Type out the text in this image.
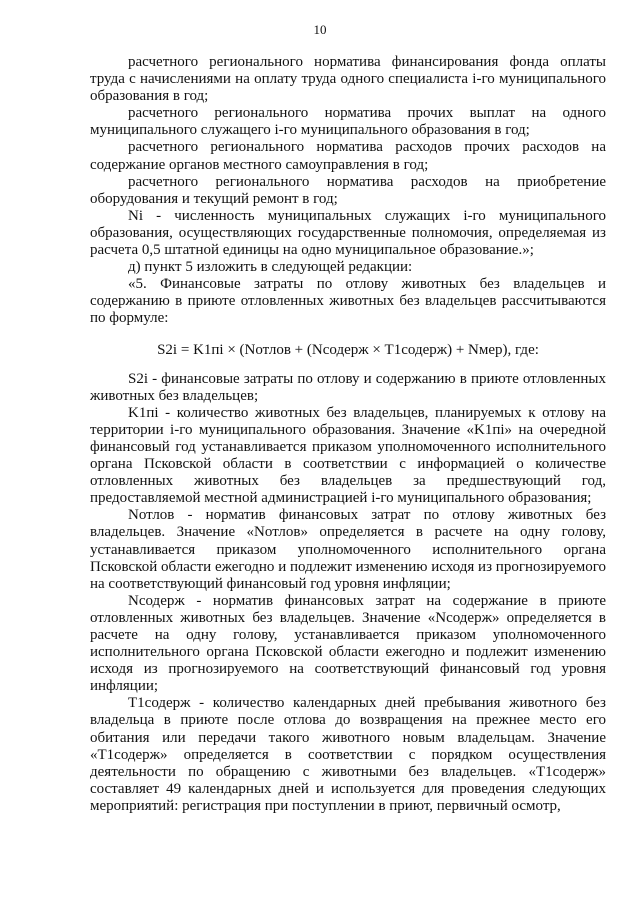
10

расчетного регионального норматива финансирования фонда оплаты труда с начислениями на оплату труда одного специалиста i-го муниципального образования в год;

расчетного регионального норматива прочих выплат на одного муниципального служащего i-го муниципального образования в год;

расчетного регионального норматива расходов прочих расходов на содержание органов местного самоуправления в год;

расчетного регионального норматива расходов на приобретение оборудования и текущий ремонт в год;

Ni - численность муниципальных служащих i-го муниципального образования, осуществляющих государственные полномочия, определяемая из расчета 0,5 штатной единицы на одно муниципальное образование.»;

д) пункт 5 изложить в следующей редакции:

«5. Финансовые затраты по отлову животных без владельцев и содержанию в приюте отловленных животных без владельцев рассчитываются по формуле:

S2i = K1пi × (Nотлов + (Nсодерж × T1содерж) + Nмер), где:

S2i - финансовые затраты по отлову и содержанию в приюте отловленных животных без владельцев;

K1пi - количество животных без владельцев, планируемых к отлову на территории i-го муниципального образования. Значение «K1пi» на очередной финансовый год устанавливается приказом уполномоченного исполнительного органа Псковской области в соответствии с информацией о количестве отловленных животных без владельцев за предшествующий год, предоставляемой местной администрацией i-го муниципального образования;

Nотлов - норматив финансовых затрат по отлову животных без владельцев. Значение «Nотлов» определяется в расчете на одну голову, устанавливается приказом уполномоченного исполнительного органа Псковской области ежегодно и подлежит изменению исходя из прогнозируемого на соответствующий финансовый год уровня инфляции;

Nсодерж - норматив финансовых затрат на содержание в приюте отловленных животных без владельцев. Значение «Nсодерж» определяется в расчете на одну голову, устанавливается приказом уполномоченного исполнительного органа Псковской области ежегодно и подлежит изменению исходя из прогнозируемого на соответствующий финансовый год уровня инфляции;

T1содерж - количество календарных дней пребывания животного без владельца в приюте после отлова до возвращения на прежнее место его обитания или передачи такого животного новым владельцам. Значение «T1содерж» определяется в соответствии с порядком осуществления деятельности по обращению с животными без владельцев. «T1содерж» составляет 49 календарных дней и используется для проведения следующих мероприятий: регистрация при поступлении в приют, первичный осмотр,
